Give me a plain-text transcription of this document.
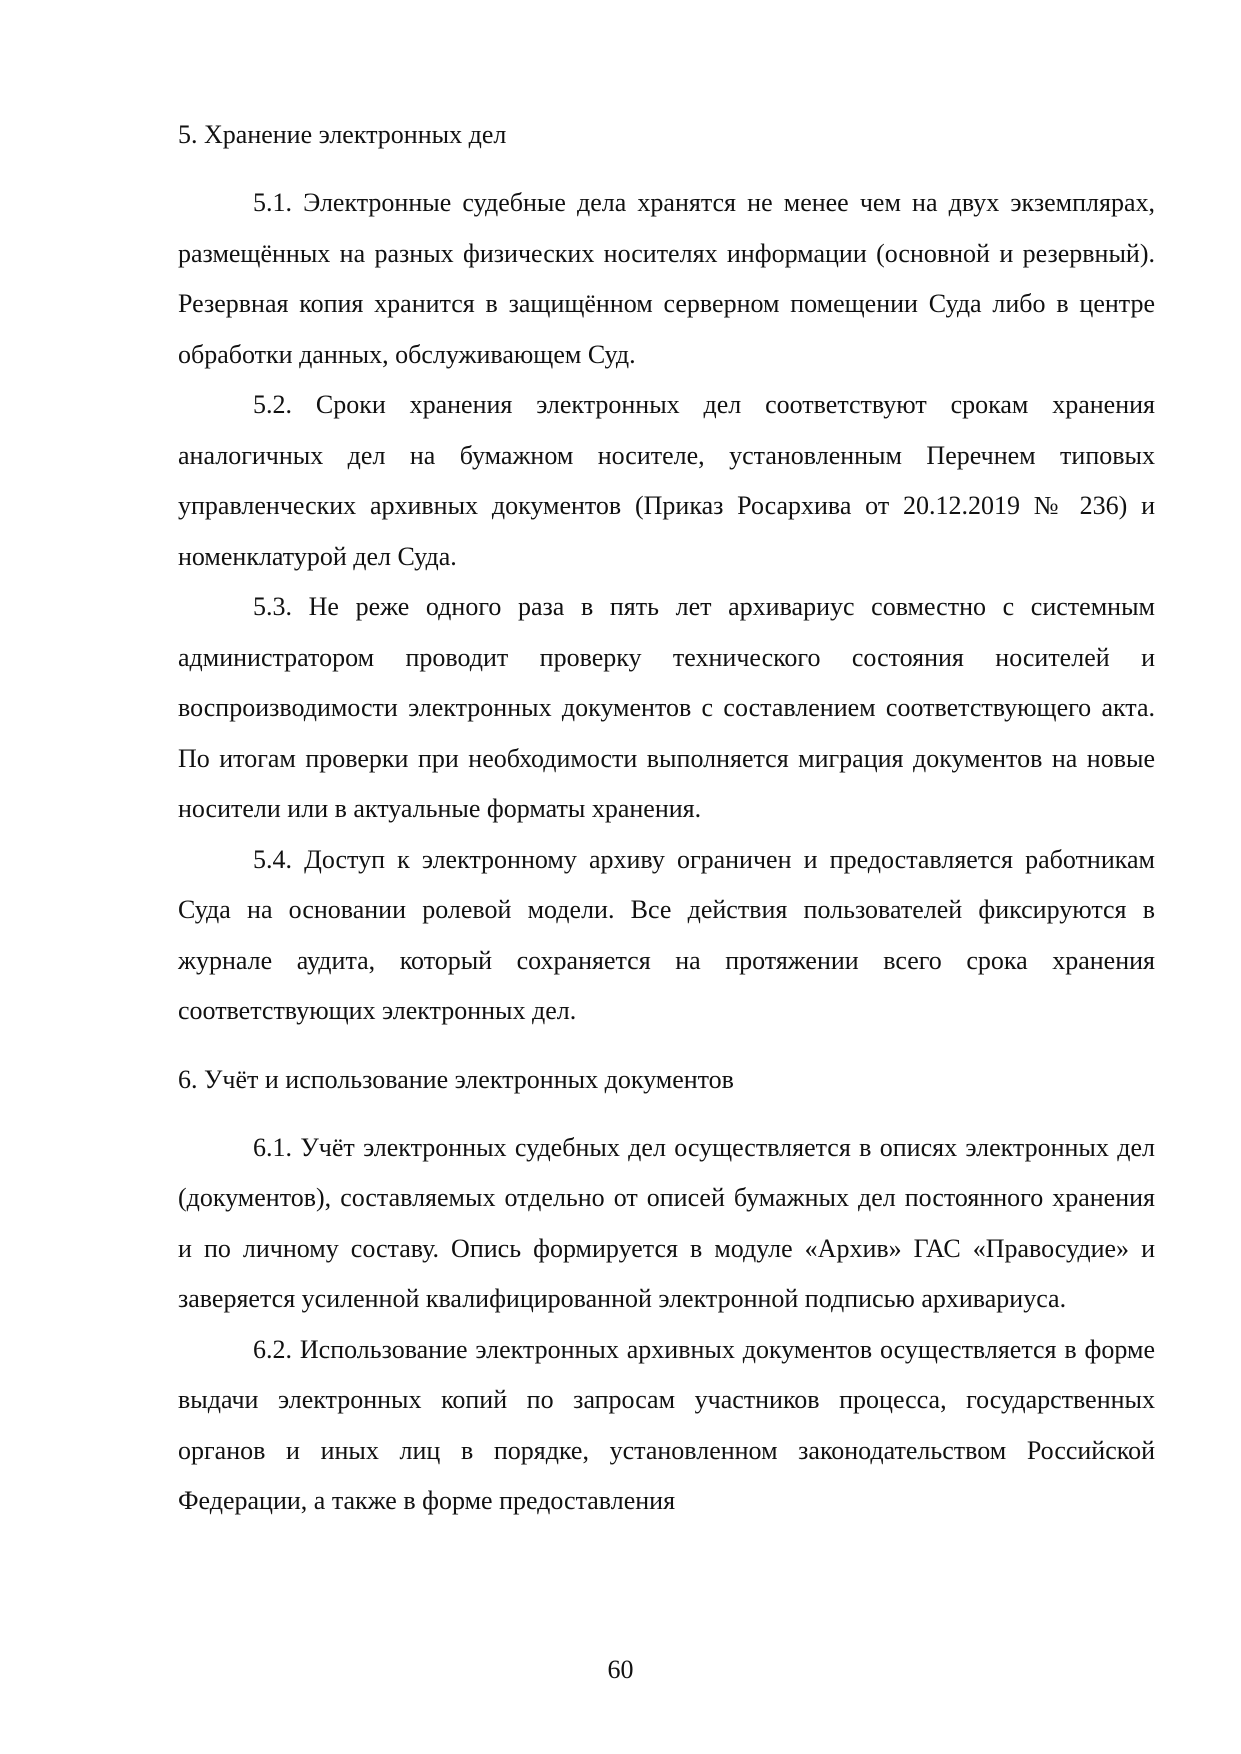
5. Хранение электронных дел

5.1. Электронные судебные дела хранятся не менее чем на двух экземплярах, размещённых на разных физических носителях информации (основной и резервный). Резервная копия хранится в защищённом серверном помещении Суда либо в центре обработки данных, обслуживающем Суд.

5.2. Сроки хранения электронных дел соответствуют срокам хранения аналогичных дел на бумажном носителе, установленным Перечнем типовых управленческих архивных документов (Приказ Росархива от 20.12.2019 № 236) и номенклатурой дел Суда.

5.3. Не реже одного раза в пять лет архивариус совместно с системным администратором проводит проверку технического состояния носителей и воспроизводимости электронных документов с составлением соответствующего акта. По итогам проверки при необходимости выполняется миграция документов на новые носители или в актуальные форматы хранения.

5.4. Доступ к электронному архиву ограничен и предоставляется работникам Суда на основании ролевой модели. Все действия пользователей фиксируются в журнале аудита, который сохраняется на протяжении всего срока хранения соответствующих электронных дел.

6. Учёт и использование электронных документов

6.1. Учёт электронных судебных дел осуществляется в описях электронных дел (документов), составляемых отдельно от описей бумажных дел постоянного хранения и по личному составу. Опись формируется в модуле «Архив» ГАС «Правосудие» и заверяется усиленной квалифицированной электронной подписью архивариуса.

6.2. Использование электронных архивных документов осуществляется в форме выдачи электронных копий по запросам участников процесса, государственных органов и иных лиц в порядке, установленном законодательством Российской Федерации, а также в форме предоставления

60
